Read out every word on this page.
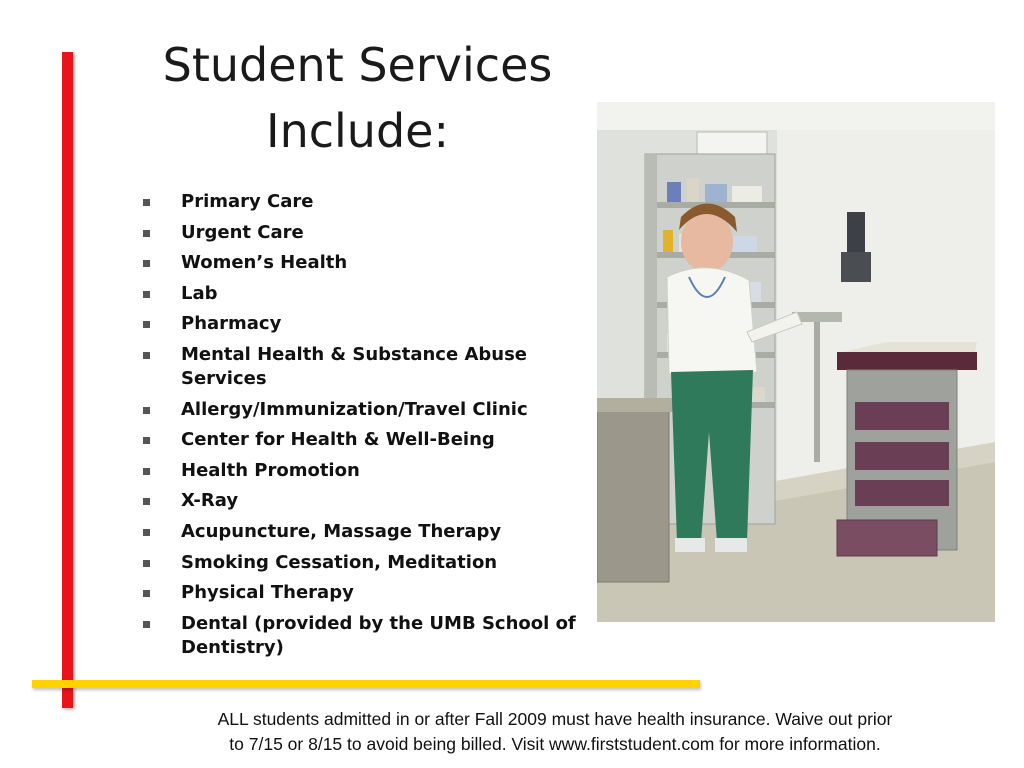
Student Services
Include:
Primary Care
Urgent Care
Women’s Health
Lab
Pharmacy
Mental Health & Substance Abuse Services
Allergy/Immunization/Travel Clinic
Center for Health & Well-Being
Health Promotion
X-Ray
Acupuncture, Massage Therapy
Smoking Cessation, Meditation
Physical Therapy
Dental (provided by the UMB School of Dentistry)
ALL students admitted in or after Fall 2009 must have health insurance. Waive out prior
to 7/15 or 8/15 to avoid being billed. Visit www.firststudent.com for more information.
